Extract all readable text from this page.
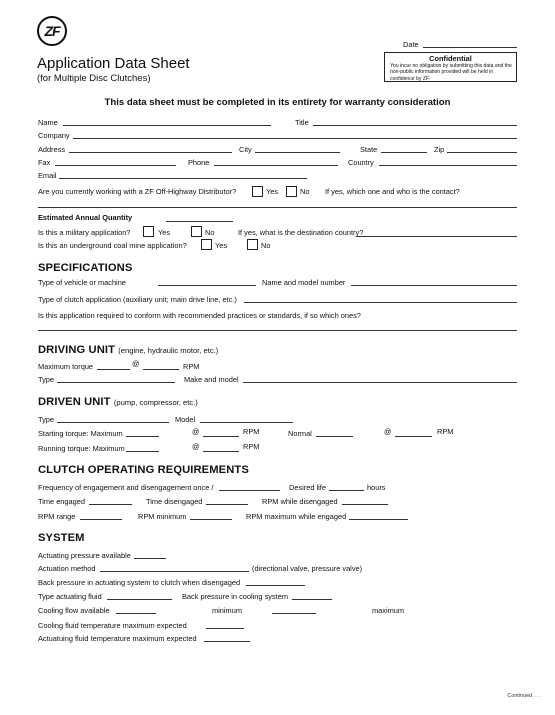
ZF
Application Data Sheet
(for Multiple Disc Clutches)
Date
Confidential
You incur no obligation by submitting this data and the non-public information provided will be held in confidence by ZF.
This data sheet must be completed in its entirety for warranty consideration
Name	Title
Company
Address	City	State	Zip
Fax	Phone	Country
Email
Are you currently working with a ZF Off-Highway Distributor?	Yes	No If yes, which one and who is the contact?
Estimated Annual Quantity
Is this a military application?	Yes	No	If yes, what is the destination country?
Is this an underground coal mine application?	Yes	No
SPECIFICATIONS
Type of vehicle or machine	Name and model number
Type of clutch application (auxiliary unit; main drive line, etc.)
Is this application required to conform with recommended practices or standards, if so which ones?
DRIVING UNIT (engine, hydraulic motor, etc.)
Maximum torque	@	RPM
Type	Make and model
DRIVEN UNIT (pump, compressor, etc.)
Type	Model
Starting torque: Maximum	@	RPM	Normal	@	RPM
Running torque: Maximum	@	RPM
CLUTCH OPERATING REQUIREMENTS
Frequency of engagement and disengagement once /	Desired life	hours
Time engaged	Time disengaged	RPM while disengaged
RPM range	RPM minimum	RPM maximum while engaged
SYSTEM
Actuating pressure available
Actuation method	(directional valve, pressure valve)
Back pressure in actuating system to clutch when disengaged
Type actuating fluid	Back pressure in cooling system
Cooling flow available	minimum	maximum
Cooling fluid temperature maximum expected
Actuatuing fluid temperature maximum expected
Continued . . .
